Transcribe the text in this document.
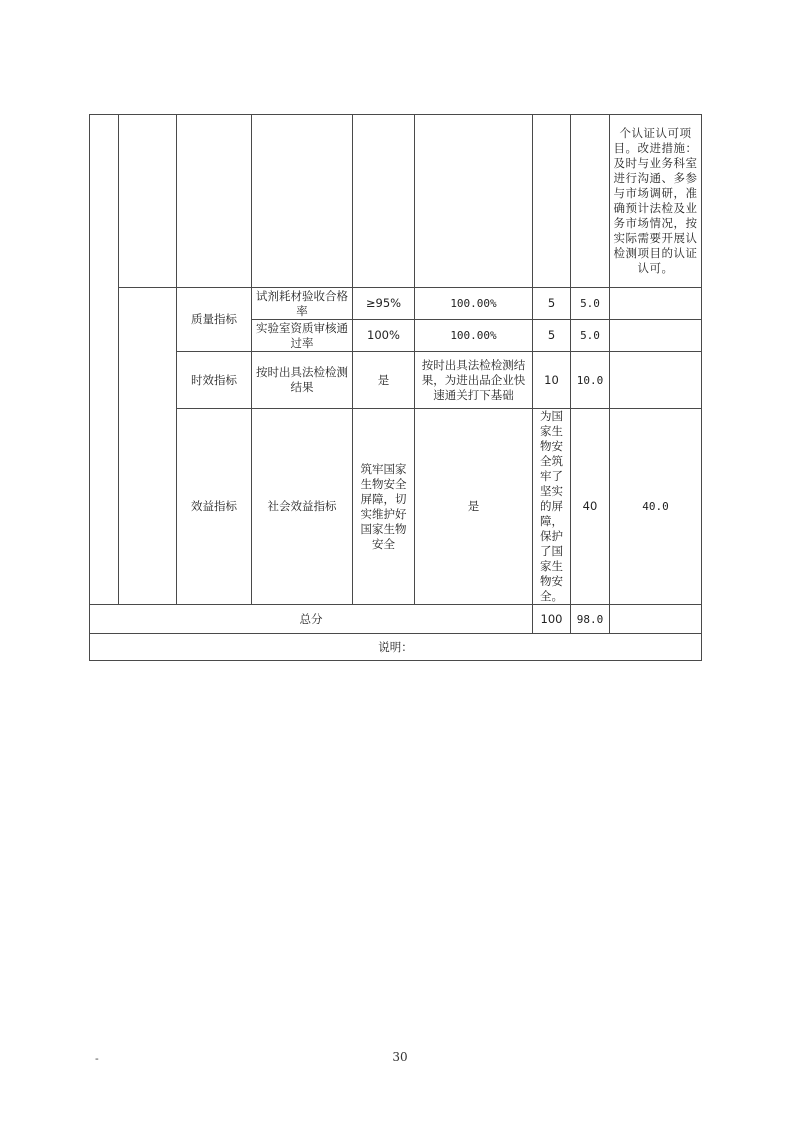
								个认证认可项目。改进措施：及时与业务科室进行沟通、多参与市场调研，准确预计法检及业务市场情况，按实际需要开展认检测项目的认证认可。	
		质量指标	试剂耗材验收合格率	≥95%	100.00%	5	5.0		
			实验室资质审核通过率	100%	100.00%	5	5.0		
		时效指标	按时出具法检检测结果	是	按时出具法检检测结果，为进出品企业快速通关打下基础	10	10.0		
		效益指标	社会效益指标	筑牢国家生物安全屏障，切实维护好国家生物安全	是	为国家生物安全筑牢了坚实的屏障，保护了国家生物安全。	40	40.0	
总分						100	98.0		
说明：									
-	30
